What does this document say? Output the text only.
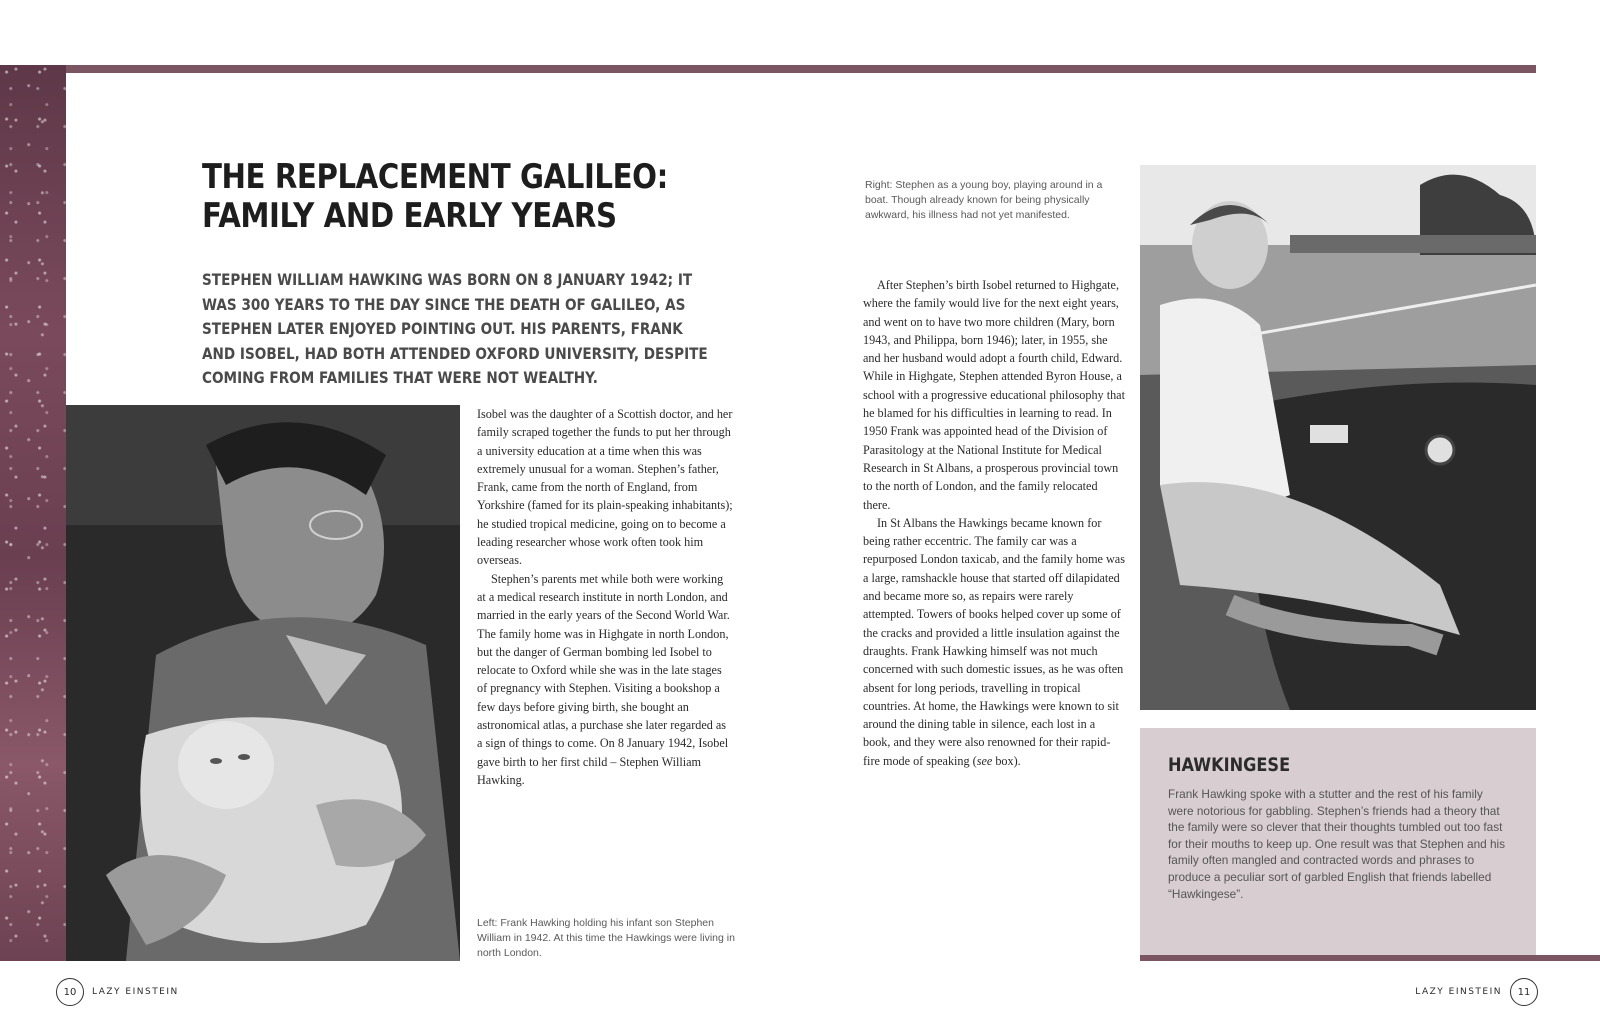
THE REPLACEMENT GALILEO:
FAMILY AND EARLY YEARS

STEPHEN WILLIAM HAWKING WAS BORN ON 8 JANUARY 1942; IT WAS 300 YEARS TO THE DAY SINCE THE DEATH OF GALILEO, AS STEPHEN LATER ENJOYED POINTING OUT. HIS PARENTS, FRANK AND ISOBEL, HAD BOTH ATTENDED OXFORD UNIVERSITY, DESPITE COMING FROM FAMILIES THAT WERE NOT WEALTHY.

Isobel was the daughter of a Scottish doctor, and her family scraped together the funds to put her through a university education at a time when this was extremely unusual for a woman. Stephen’s father, Frank, came from the north of England, from Yorkshire (famed for its plain-speaking inhabitants); he studied tropical medicine, going on to become a leading researcher whose work often took him overseas.

Stephen’s parents met while both were working at a medical research institute in north London, and married in the early years of the Second World War. The family home was in Highgate in north London, but the danger of German bombing led Isobel to relocate to Oxford while she was in the late stages of pregnancy with Stephen. Visiting a bookshop a few days before giving birth, she bought an astronomical atlas, a purchase she later regarded as a sign of things to come. On 8 January 1942, Isobel gave birth to her first child – Stephen William Hawking.

After Stephen’s birth Isobel returned to Highgate, where the family would live for the next eight years, and went on to have two more children (Mary, born 1943, and Philippa, born 1946); later, in 1955, she and her husband would adopt a fourth child, Edward. While in Highgate, Stephen attended Byron House, a school with a progressive educational philosophy that he blamed for his difficulties in learning to read. In 1950 Frank was appointed head of the Division of Parasitology at the National Institute for Medical Research in St Albans, a prosperous provincial town to the north of London, and the family relocated there.

In St Albans the Hawkings became known for being rather eccentric. The family car was a repurposed London taxicab, and the family home was a large, ramshackle house that started off dilapidated and became more so, as repairs were rarely attempted. Towers of books helped cover up some of the cracks and provided a little insulation against the draughts. Frank Hawking himself was not much concerned with such domestic issues, as he was often absent for long periods, travelling in tropical countries. At home, the Hawkings were known to sit around the dining table in silence, each lost in a book, and they were also renowned for their rapid-fire mode of speaking (see box).

Left: Frank Hawking holding his infant son Stephen William in 1942. At this time the Hawkings were living in north London.

Right: Stephen as a young boy, playing around in a boat. Though already known for being physically awkward, his illness had not yet manifested.

HAWKINGESE

Frank Hawking spoke with a stutter and the rest of his family were notorious for gabbling. Stephen’s friends had a theory that the family were so clever that their thoughts tumbled out too fast for their mouths to keep up. One result was that Stephen and his family often mangled and contracted words and phrases to produce a peculiar sort of garbled English that friends labelled “Hawkingese”.

10	LAZY EINSTEIN	LAZY EINSTEIN	11
